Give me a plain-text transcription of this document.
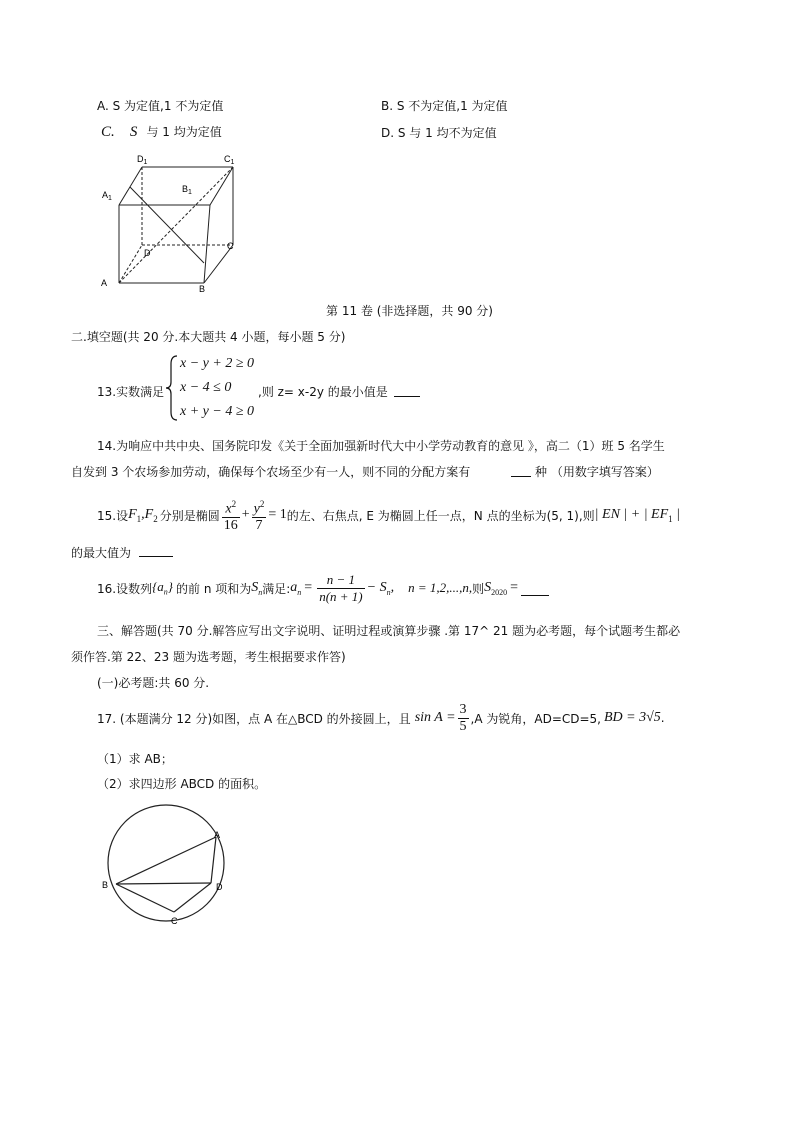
A. S 为定值,1 不为定值	B. S 不为定值,1 为定值
C. S 与 1 均为定值	D. S 与 1 均不为定值
$D_1$	$C_1$
$A_1$
$B_1$
D
C
A
B
第 11 卷 (非选择题，共 90 分)
二.填空题(共 20 分.本大题共 4 小题，每小题 5 分)
13.实数满足
x − y + 2 ≥ 0
x − 4 ≤ 0
x + y − 4 ≥ 0
,则 z= x-2y 的最小值是
14.为响应中共中央、国务院印发《关于全面加强新时代大中小学劳动教育的意见 》，高二（1）班 5 名学生
自发到 3 个农场参加劳动，确保每个农场至少有一人，则不同的分配方案有	种 （用数字填写答案）
15.设 $F_1$, $F_2$ 分别是椭圆 $\frac{x^2}{16} + \frac{y^2}{7} = 1$ 的左、右焦点, E 为椭圆上任一点，N 点的坐标为(5, 1),则 | EN | + | $EF_1$ |
的最大值为
16.设数列 $\{a_n\}$ 的前 n 项和为 $S_n$ 满足: $a_n = \frac{n - 1}{n(n + 1)} - S_n$, n = 1,2,...,n, 则 $S_{2020}$ =
三、解答题(共 70 分.解答应写出文字说明、证明过程或演算步骤 .第 17^ 21 题为必考题，每个试题考生都必
须作答.第 22、23 题为选考题，考生根据要求作答)
(一)必考题:共 60 分.
17. (本题满分 12 分)如图，点 A 在△BCD 的外接圆上，且 $\sin A = \frac{3}{5} ,A$ 为锐角，AD=CD=5, BD = 3√5 .
（1）求 AB；
（2）求四边形 ABCD 的面积。
A
B
C
D
